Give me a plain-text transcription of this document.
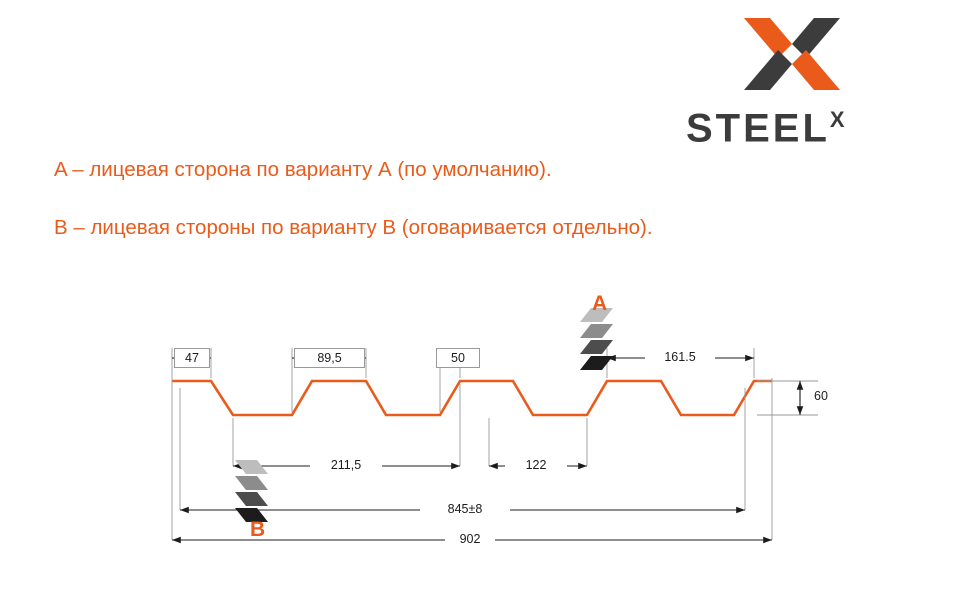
$STEEL^X$
A – лицевая сторона по варианту А (по умолчанию).
B – лицевая стороны по варианту B (оговаривается отдельно).
47	89,5	50	161.5
211,5	122
845±8
902
60
A
B
